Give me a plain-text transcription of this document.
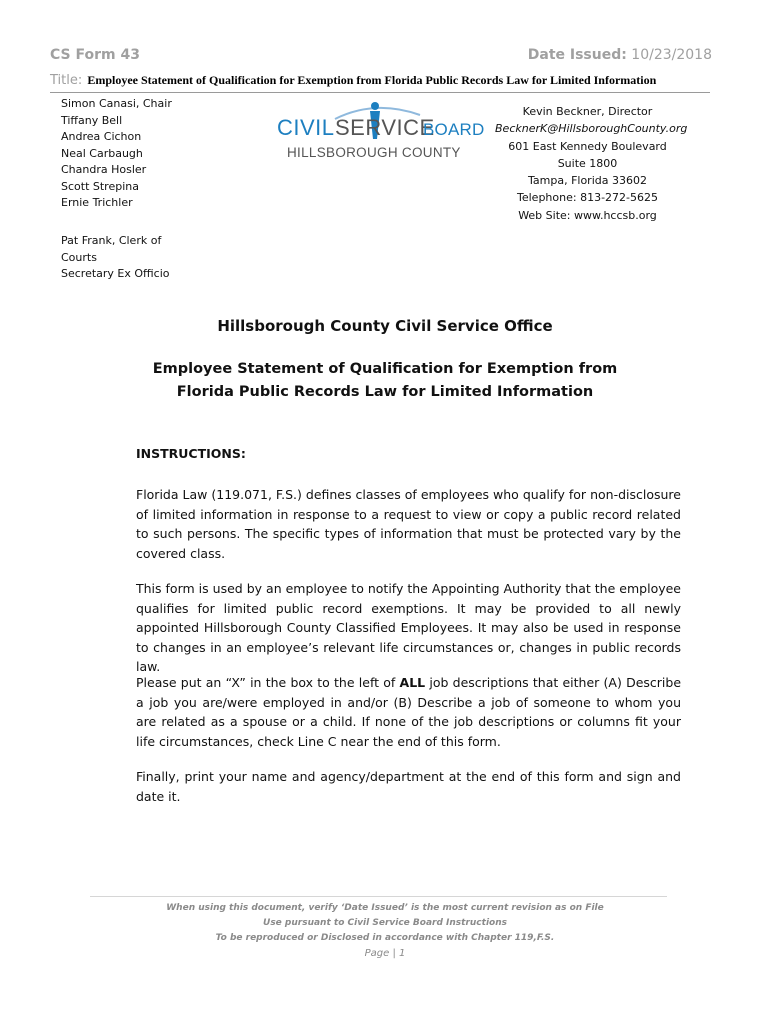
CS Form 43	Date Issued: 10/23/2018
Title: Employee Statement of Qualification for Exemption from Florida Public Records Law for Limited Information
Simon Canasi, Chair
Tiffany Bell
Andrea Cichon
Neal Carbaugh
Chandra Hosler
Scott Strepina
Ernie Trichler
Pat Frank, Clerk of
Courts
Secretary Ex Officio
CIVIL SERVICE
BOARD
HILLSBOROUGH COUNTY
Kevin Beckner, Director
BecknerK@HillsboroughCounty.org
601 East Kennedy Boulevard
Suite 1800
Tampa, Florida 33602
Telephone: 813-272-5625
Web Site: www.hccsb.org
Hillsborough County Civil Service Office
Employee Statement of Qualification for Exemption from
Florida Public Records Law for Limited Information
INSTRUCTIONS:
Florida Law (119.071, F.S.) defines classes of employees who qualify for non-disclosure of limited information in response to a request to view or copy a public record related to such persons. The specific types of information that must be protected vary by the covered class.
This form is used by an employee to notify the Appointing Authority that the employee qualifies for limited public record exemptions. It may be provided to all newly appointed Hillsborough County Classified Employees. It may also be used in response to changes in an employee’s relevant life circumstances or, changes in public records law.
Please put an “X” in the box to the left of ALL job descriptions that either (A) Describe a job you are/were employed in and/or (B) Describe a job of someone to whom you are related as a spouse or a child. If none of the job descriptions or columns fit your life circumstances, check Line C near the end of this form.
Finally, print your name and agency/department at the end of this form and sign and date it.
When using this document, verify ‘Date Issued’ is the most current revision as on File
Use pursuant to Civil Service Board Instructions
To be reproduced or Disclosed in accordance with Chapter 119,F.S.
Page | 1
